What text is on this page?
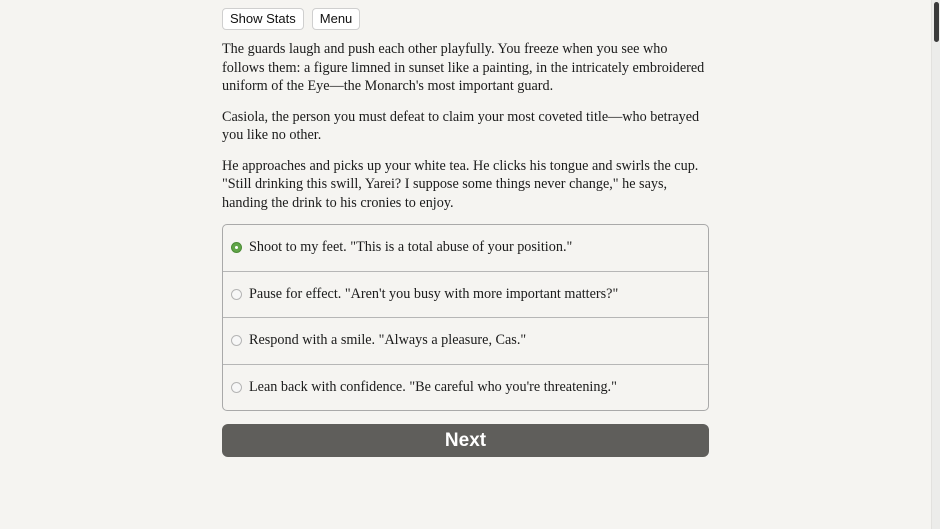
Show Stats	Menu

The guards laugh and push each other playfully. You freeze when you see who follows them: a figure limned in sunset like a painting, in the intricately embroidered uniform of the Eye—the Monarch's most important guard.

Casiola, the person you must defeat to claim your most coveted title—who betrayed you like no other.

He approaches and picks up your white tea. He clicks his tongue and swirls the cup. "Still drinking this swill, Yarei? I suppose some things never change," he says, handing the drink to his cronies to enjoy.

Shoot to my feet. "This is a total abuse of your position."
Pause for effect. "Aren't you busy with more important matters?"
Respond with a smile. "Always a pleasure, Cas."
Lean back with confidence. "Be careful who you're threatening."
Next
